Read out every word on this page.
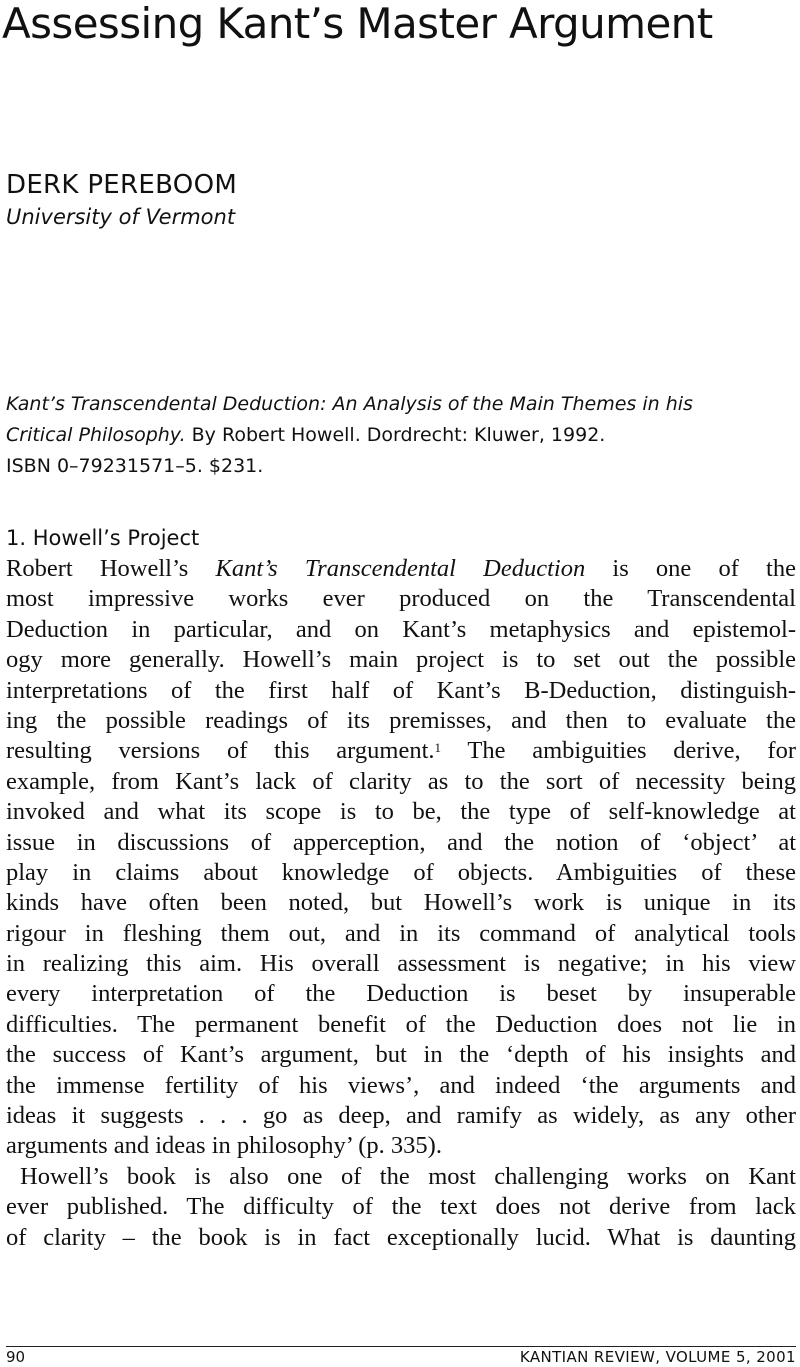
Assessing Kant’s Master Argument
DERK PEREBOOM
University of Vermont
Kant’s Transcendental Deduction: An Analysis of the Main Themes in his
Critical Philosophy. By Robert Howell. Dordrecht: Kluwer, 1992.
ISBN 0–79231571–5. $231.
1. Howell’s Project
Robert Howell’s Kant’s Transcendental Deduction is one of the
most impressive works ever produced on the Transcendental
Deduction in particular, and on Kant’s metaphysics and epistemol-
ogy more generally. Howell’s main project is to set out the possible
interpretations of the first half of Kant’s B-Deduction, distinguish-
ing the possible readings of its premisses, and then to evaluate the
resulting versions of this argument.$^1$ The ambiguities derive, for
example, from Kant’s lack of clarity as to the sort of necessity being
invoked and what its scope is to be, the type of self-knowledge at
issue in discussions of apperception, and the notion of ‘object’ at
play in claims about knowledge of objects. Ambiguities of these
kinds have often been noted, but Howell’s work is unique in its
rigour in fleshing them out, and in its command of analytical tools
in realizing this aim. His overall assessment is negative; in his view
every interpretation of the Deduction is beset by insuperable
difficulties. The permanent benefit of the Deduction does not lie in
the success of Kant’s argument, but in the ‘depth of his insights and
the immense fertility of his views’, and indeed ‘the arguments and
ideas it suggests . . . go as deep, and ramify as widely, as any other
arguments and ideas in philosophy’ (p. 335).
Howell’s book is also one of the most challenging works on Kant
ever published. The difficulty of the text does not derive from lack
of clarity – the book is in fact exceptionally lucid. What is daunting
90	KANTIAN REVIEW, VOLUME 5, 2001
